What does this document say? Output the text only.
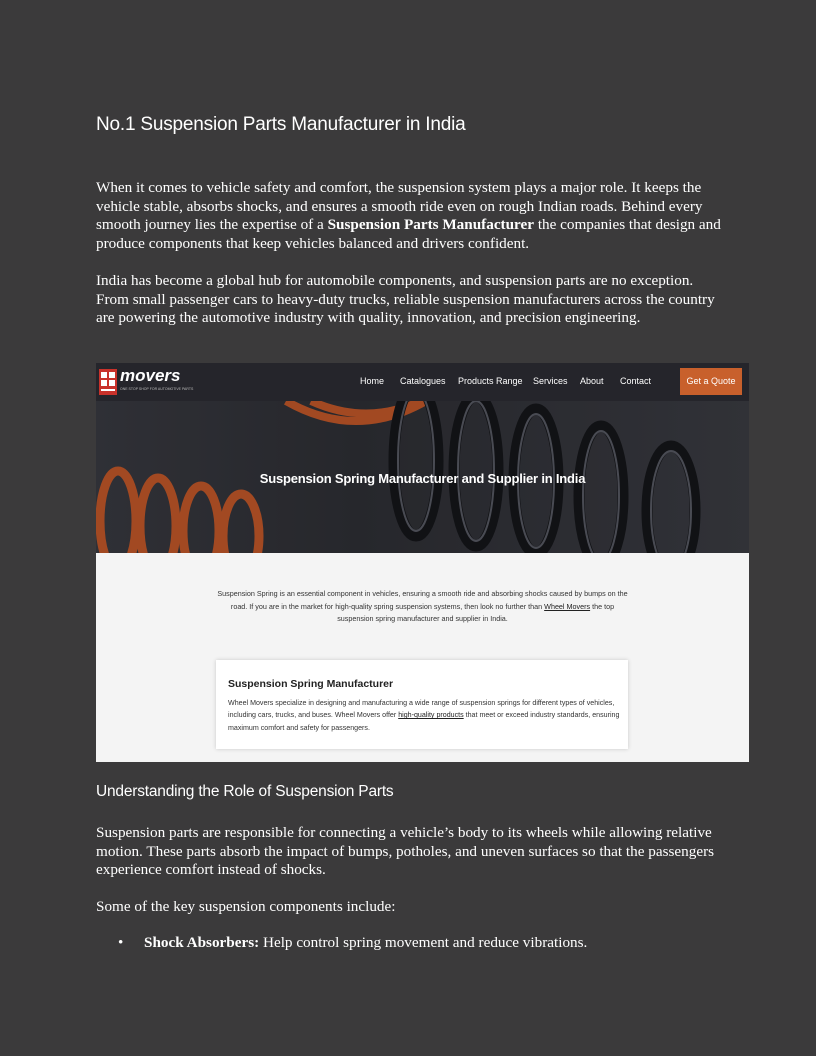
No.1 Suspension Parts Manufacturer in India

When it comes to vehicle safety and comfort, the suspension system plays a major role. It keeps the vehicle stable, absorbs shocks, and ensures a smooth ride even on rough Indian roads. Behind every smooth journey lies the expertise of a Suspension Parts Manufacturer the companies that design and produce components that keep vehicles balanced and drivers confident.

India has become a global hub for automobile components, and suspension parts are no exception. From small passenger cars to heavy-duty trucks, reliable suspension manufacturers across the country are powering the automotive industry with quality, innovation, and precision engineering.

movers
ONE STOP SHOP FOR AUTOMOTIVE PARTS
Home Catalogues Products Range Services About Contact	Get a Quote
Suspension Spring Manufacturer and Supplier in India

Suspension Spring is an essential component in vehicles, ensuring a smooth ride and absorbing shocks caused by bumps on the road. If you are in the market for high-quality spring suspension systems, then look no further than Wheel Movers the top suspension spring manufacturer and supplier in India.

Suspension Spring Manufacturer

Wheel Movers specialize in designing and manufacturing a wide range of suspension springs for different types of vehicles, including cars, trucks, and buses. Wheel Movers offer high-quality products that meet or exceed industry standards, ensuring maximum comfort and safety for passengers.

Understanding the Role of Suspension Parts

Suspension parts are responsible for connecting a vehicle’s body to its wheels while allowing relative motion. These parts absorb the impact of bumps, potholes, and uneven surfaces so that the passengers experience comfort instead of shocks.

Some of the key suspension components include:

• Shock Absorbers: Help control spring movement and reduce vibrations.
